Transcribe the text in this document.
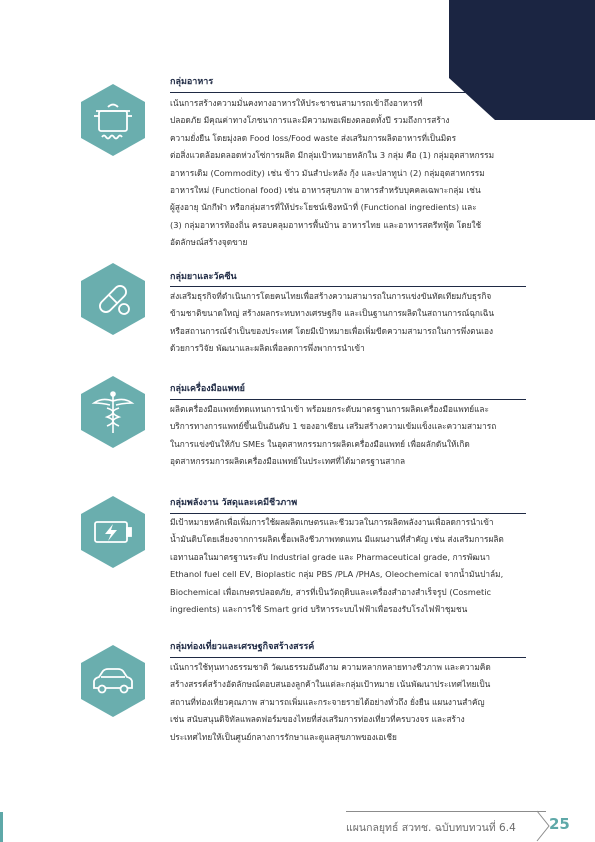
กลุ่มอาหาร
เน้นการสร้างความมั่นคงทางอาหารให้ประชาชนสามารถเข้าถึงอาหารที่
ปลอดภัย มีคุณค่าทางโภชนาการและมีความพอเพียงตลอดทั้งปี รวมถึงการสร้าง
ความยั่งยืน โดยมุ่งลด Food loss/Food waste ส่งเสริมการผลิตอาหารที่เป็นมิตร
ต่อสิ่งแวดล้อมตลอดห่วงโซ่การผลิต มีกลุ่มเป้าหมายหลักใน 3 กลุ่ม คือ (1) กลุ่มอุตสาหกรรม
อาหารเดิม (Commodity) เช่น ข้าว มันสำปะหลัง กุ้ง และปลาทูน่า (2) กลุ่มอุตสาหกรรม
อาหารใหม่ (Functional food) เช่น อาหารสุขภาพ อาหารสำหรับบุคคลเฉพาะกลุ่ม เช่น
ผู้สูงอายุ นักกีฬา หรือกลุ่มสารที่ให้ประโยชน์เชิงหน้าที่ (Functional ingredients) และ
(3) กลุ่มอาหารท้องถิ่น ครอบคลุมอาหารพื้นบ้าน อาหารไทย และอาหารสตรีทฟู้ด โดยใช้
อัตลักษณ์สร้างจุดขาย
กลุ่มยาและวัคซีน
ส่งเสริมธุรกิจที่ดำเนินการโดยคนไทยเพื่อสร้างความสามารถในการแข่งขันทัดเทียมกับธุรกิจ
ข้ามชาติขนาดใหญ่ สร้างผลกระทบทางเศรษฐกิจ และเป็นฐานการผลิตในสถานการณ์ฉุกเฉิน
หรือสถานการณ์จำเป็นของประเทศ โดยมีเป้าหมายเพื่อเพิ่มขีดความสามารถในการพึ่งตนเอง
ด้วยการวิจัย พัฒนาและผลิตเพื่อลดการพึ่งพาการนำเข้า
กลุ่มเครื่องมือแพทย์
ผลิตเครื่องมือแพทย์ทดแทนการนำเข้า พร้อมยกระดับมาตรฐานการผลิตเครื่องมือแพทย์และ
บริการทางการแพทย์ขึ้นเป็นอันดับ 1 ของอาเซียน เสริมสร้างความเข้มแข็งและความสามารถ
ในการแข่งขันให้กับ SMEs ในอุตสาหกรรมการผลิตเครื่องมือแพทย์ เพื่อผลักดันให้เกิด
อุตสาหกรรมการผลิตเครื่องมือแพทย์ในประเทศที่ได้มาตรฐานสากล
กลุ่มพลังงาน วัสดุและเคมีชีวภาพ
มีเป้าหมายหลักเพื่อเพิ่มการใช้ผลผลิตเกษตรและชีวมวลในการผลิตพลังงานเพื่อลดการนำเข้า
น้ำมันดิบโดยเลี่ยงจากการผลิตเชื้อเพลิงชีวภาพทดแทน มีแผนงานที่สำคัญ เช่น ส่งเสริมการผลิต
เอทานอลในมาตรฐานระดับ Industrial grade และ Pharmaceutical grade, การพัฒนา
Ethanol fuel cell EV, Bioplastic กลุ่ม PBS /PLA /PHAs, Oleochemical จากน้ำมันปาล์ม,
Biochemical เพื่อเกษตรปลอดภัย, สารที่เป็นวัตถุดิบและเครื่องสำอางสำเร็จรูป (Cosmetic
ingredients) และการใช้ Smart grid บริหารระบบไฟฟ้าเพื่อรองรับโรงไฟฟ้าชุมชน
กลุ่มท่องเที่ยวและเศรษฐกิจสร้างสรรค์
เน้นการใช้ทุนทางธรรมชาติ วัฒนธรรมอันดีงาม ความหลากหลายทางชีวภาพ และความคิด
สร้างสรรค์สร้างอัตลักษณ์ตอบสนองลูกค้าในแต่ละกลุ่มเป้าหมาย เน้นพัฒนาประเทศไทยเป็น
สถานที่ท่องเที่ยวคุณภาพ สามารถเพิ่มและกระจายรายได้อย่างทั่วถึง ยั่งยืน แผนงานสำคัญ
เช่น สนับสนุนดิจิทัลแพลตฟอร์มของไทยที่ส่งเสริมการท่องเที่ยวที่ครบวงจร และสร้าง
ประเทศไทยให้เป็นศูนย์กลางการรักษาและดูแลสุขภาพของเอเชีย
แผนกลยุทธ์ สวทช. ฉบับทบทวนที่ 6.4 25
